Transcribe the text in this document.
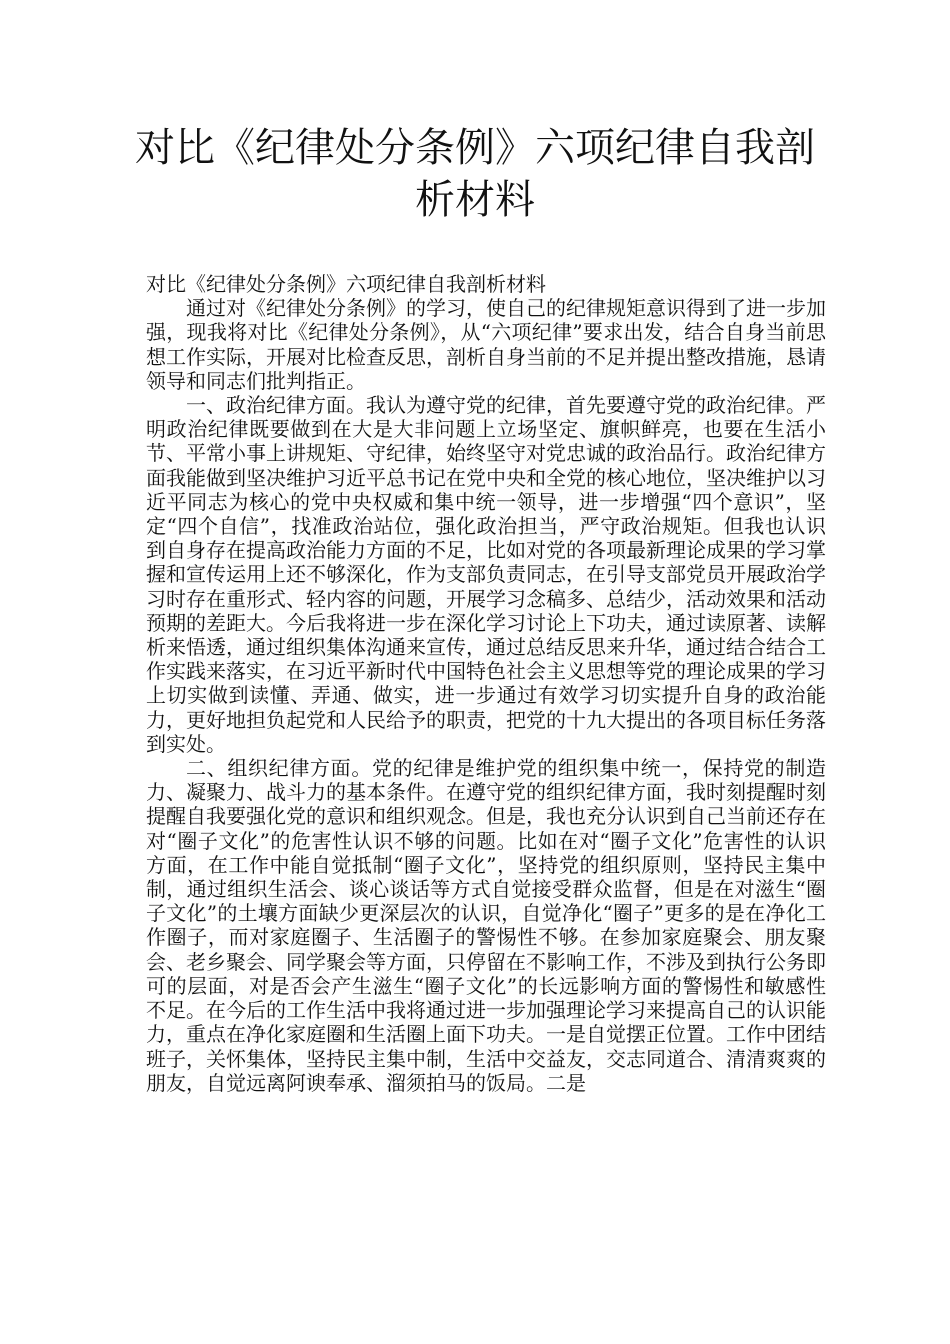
对比《纪律处分条例》六项纪律自我剖析材料

对比《纪律处分条例》六项纪律自我剖析材料

通过对《纪律处分条例》的学习，使自己的纪律规矩意识得到了进一步加强，现我将对比《纪律处分条例》，从“六项纪律”要求出发，结合自身当前思想工作实际，开展对比检查反思，剖析自身当前的不足并提出整改措施，恳请领导和同志们批判指正。

一、政治纪律方面。我认为遵守党的纪律，首先要遵守党的政治纪律。严明政治纪律既要做到在大是大非问题上立场坚定、旗帜鲜亮，也要在生活小节、平常小事上讲规矩、守纪律，始终坚守对党忠诚的政治品行。政治纪律方面我能做到坚决维护习近平总书记在党中央和全党的核心地位，坚决维护以习近平同志为核心的党中央权威和集中统一领导，进一步增强“四个意识”，坚定“四个自信”，找准政治站位，强化政治担当，严守政治规矩。但我也认识到自身存在提高政治能力方面的不足，比如对党的各项最新理论成果的学习掌握和宣传运用上还不够深化，作为支部负责同志，在引导支部党员开展政治学习时存在重形式、轻内容的问题，开展学习念稿多、总结少，活动效果和活动预期的差距大。今后我将进一步在深化学习讨论上下功夫，通过读原著、读解析来悟透，通过组织集体沟通来宣传，通过总结反思来升华，通过结合结合工作实践来落实，在习近平新时代中国特色社会主义思想等党的理论成果的学习上切实做到读懂、弄通、做实，进一步通过有效学习切实提升自身的政治能力，更好地担负起党和人民给予的职责，把党的十九大提出的各项目标任务落到实处。

二、组织纪律方面。党的纪律是维护党的组织集中统一，保持党的制造力、凝聚力、战斗力的基本条件。在遵守党的组织纪律方面，我时刻提醒时刻提醒自我要强化党的意识和组织观念。但是，我也充分认识到自己当前还存在对“圈子文化”的危害性认识不够的问题。比如在对“圈子文化”危害性的认识方面，在工作中能自觉抵制“圈子文化”，坚持党的组织原则，坚持民主集中制，通过组织生活会、谈心谈话等方式自觉接受群众监督，但是在对滋生“圈子文化”的土壤方面缺少更深层次的认识，自觉净化“圈子”更多的是在净化工作圈子，而对家庭圈子、生活圈子的警惕性不够。在参加家庭聚会、朋友聚会、老乡聚会、同学聚会等方面，只停留在不影响工作，不涉及到执行公务即可的层面，对是否会产生滋生“圈子文化”的长远影响方面的警惕性和敏感性不足。在今后的工作生活中我将通过进一步加强理论学习来提高自己的认识能力，重点在净化家庭圈和生活圈上面下功夫。一是自觉摆正位置。工作中团结班子，关怀集体，坚持民主集中制，生活中交益友，交志同道合、清清爽爽的朋友，自觉远离阿谀奉承、溜须拍马的饭局。二是
